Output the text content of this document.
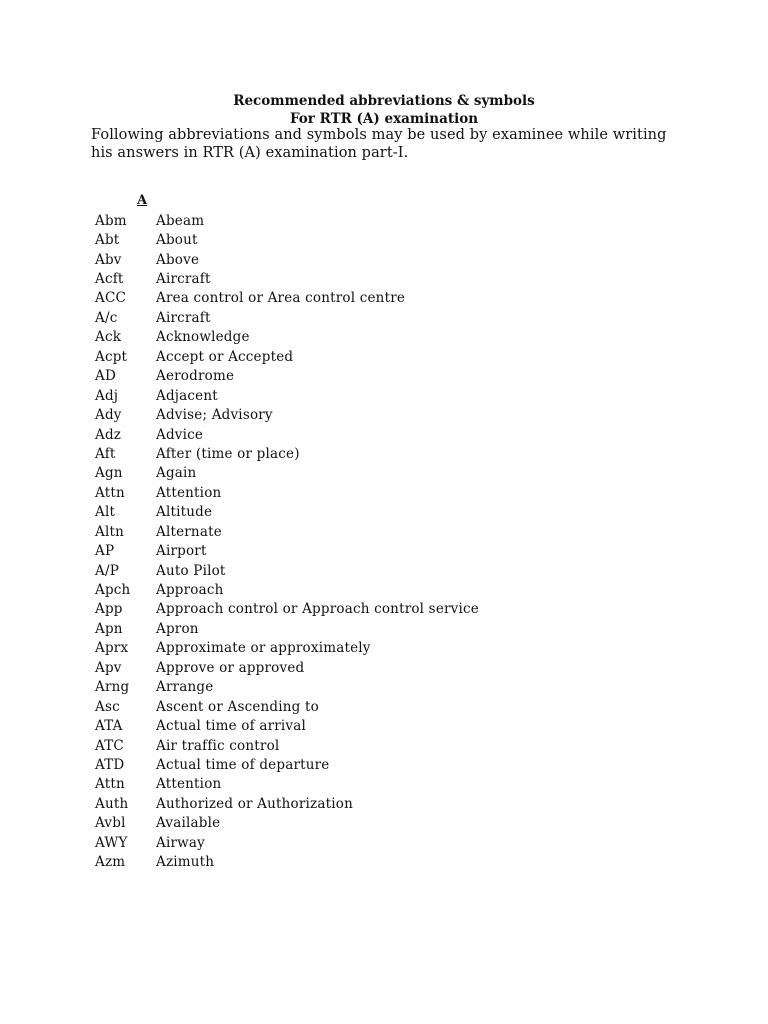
Recommended abbreviations & symbols
For RTR (A) examination
Following abbreviations and symbols may be used by examinee while writing his answers in RTR (A) examination part-I.
A
Abm	Abeam
Abt	About
Abv	Above
Acft	Aircraft
ACC	Area control or Area control centre
A/c	Aircraft
Ack	Acknowledge
Acpt	Accept or Accepted
AD	Aerodrome
Adj	Adjacent
Ady	Advise; Advisory
Adz	Advice
Aft	After (time or place)
Agn	Again
Attn	Attention
Alt	Altitude
Altn	Alternate
AP	Airport
A/P	Auto Pilot
Apch	Approach
App	Approach control or Approach control service
Apn	Apron
Aprx	Approximate or approximately
Apv	Approve or approved
Arng	Arrange
Asc	Ascent or Ascending to
ATA	Actual time of arrival
ATC	Air traffic control
ATD	Actual time of departure
Attn	Attention
Auth	Authorized or Authorization
Avbl	Available
AWY	Airway
Azm	Azimuth
